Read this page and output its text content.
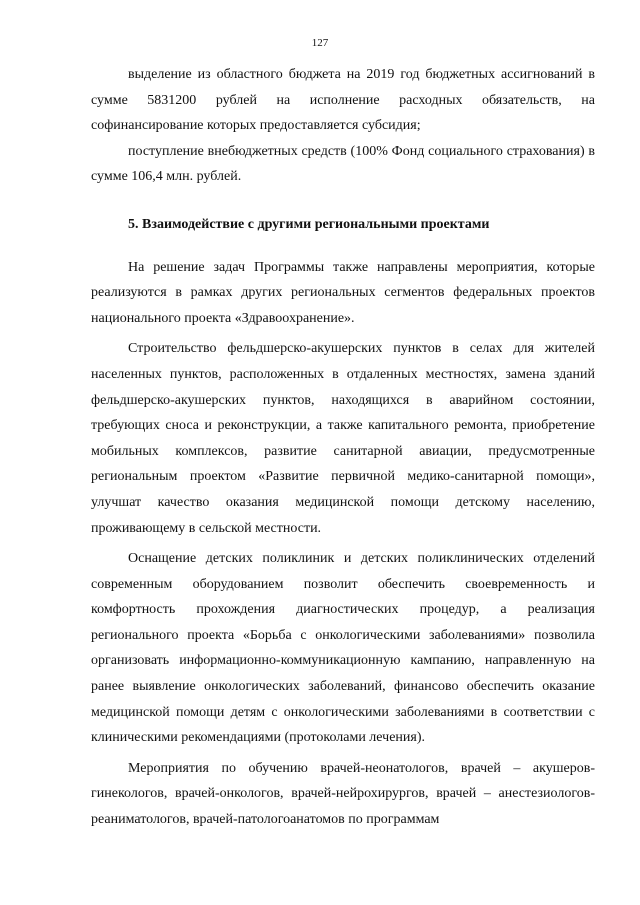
127

выделение из областного бюджета на 2019 год бюджетных ассигнований в сумме 5831200 рублей на исполнение расходных обязательств, на софинансирование которых предоставляется субсидия;

поступление внебюджетных средств (100% Фонд социального страхования) в сумме 106,4 млн. рублей.

5. Взаимодействие с другими региональными проектами

На решение задач Программы также направлены мероприятия, которые реализуются в рамках других региональных сегментов федеральных проектов национального проекта «Здравоохранение».

Строительство фельдшерско-акушерских пунктов в селах для жителей населенных пунктов, расположенных в отдаленных местностях, замена зданий фельдшерско-акушерских пунктов, находящихся в аварийном состоянии, требующих сноса и реконструкции, а также капитального ремонта, приобретение мобильных комплексов, развитие санитарной авиации, предусмотренные региональным проектом «Развитие первичной медико-санитарной помощи», улучшат качество оказания медицинской помощи детскому населению, проживающему в сельской местности.

Оснащение детских поликлиник и детских поликлинических отделений современным оборудованием позволит обеспечить своевременность и комфортность прохождения диагностических процедур, а реализация регионального проекта «Борьба с онкологическими заболеваниями» позволила организовать информационно-коммуникационную кампанию, направленную на ранее выявление онкологических заболеваний, финансово обеспечить оказание медицинской помощи детям с онкологическими заболеваниями в соответствии с клиническими рекомендациями (протоколами лечения).

Мероприятия по обучению врачей-неонатологов, врачей – акушеров-гинекологов, врачей-онкологов, врачей-нейрохирургов, врачей – анестезиологов-реаниматологов, врачей-патологоанатомов по программам
